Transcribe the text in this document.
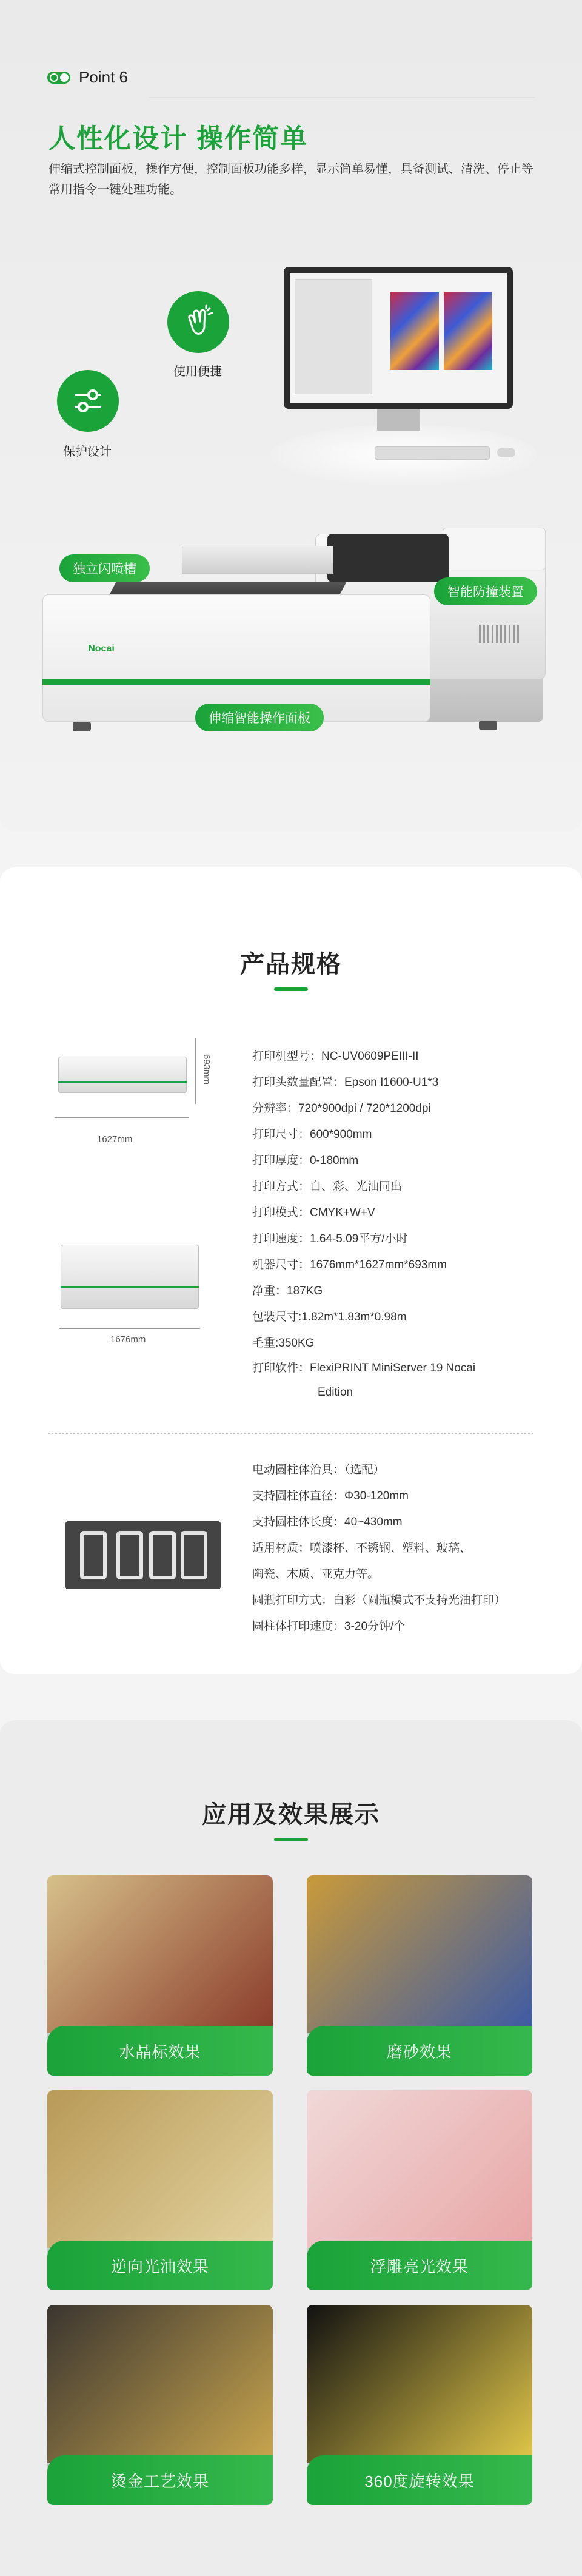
Point 6
人性化设计 操作简单

伸缩式控制面板，操作方便，控制面板功能多样，显示简单易懂，具备测试、清洗、停止等常用指令一键处理功能。

使用便捷
保护设计
Nocai
独立闪喷槽
智能防撞装置
伸缩智能操作面板
产品规格
693mm
1627mm
1676mm
打印机型号：NC-UV0609PEIII-II
打印头数量配置：Epson I1600-U1*3
分辨率：720*900dpi / 720*1200dpi
打印尺寸：600*900mm
打印厚度：0-180mm
打印方式：白、彩、光油同出
打印模式：CMYK+W+V
打印速度：1.64-5.09平方/小时
机器尺寸：1676mm*1627mm*693mm
净重：187KG
包装尺寸:1.82m*1.83m*0.98m
毛重:350KG
打印软件：FlexiPRINT MiniServer 19 Nocai
Edition
电动圆柱体治具：（选配）
支持圆柱体直径：Φ30-120mm
支持圆柱体长度：40~430mm
适用材质：喷漆杯、不锈钢、塑料、玻璃、
陶瓷、木质、亚克力等。
圆瓶打印方式：白彩（圆瓶模式不支持光油打印）
圆柱体打印速度：3-20分钟/个
应用及效果展示
水晶标效果	磨砂效果
逆向光油效果	浮雕亮光效果
烫金工艺效果	360度旋转效果
